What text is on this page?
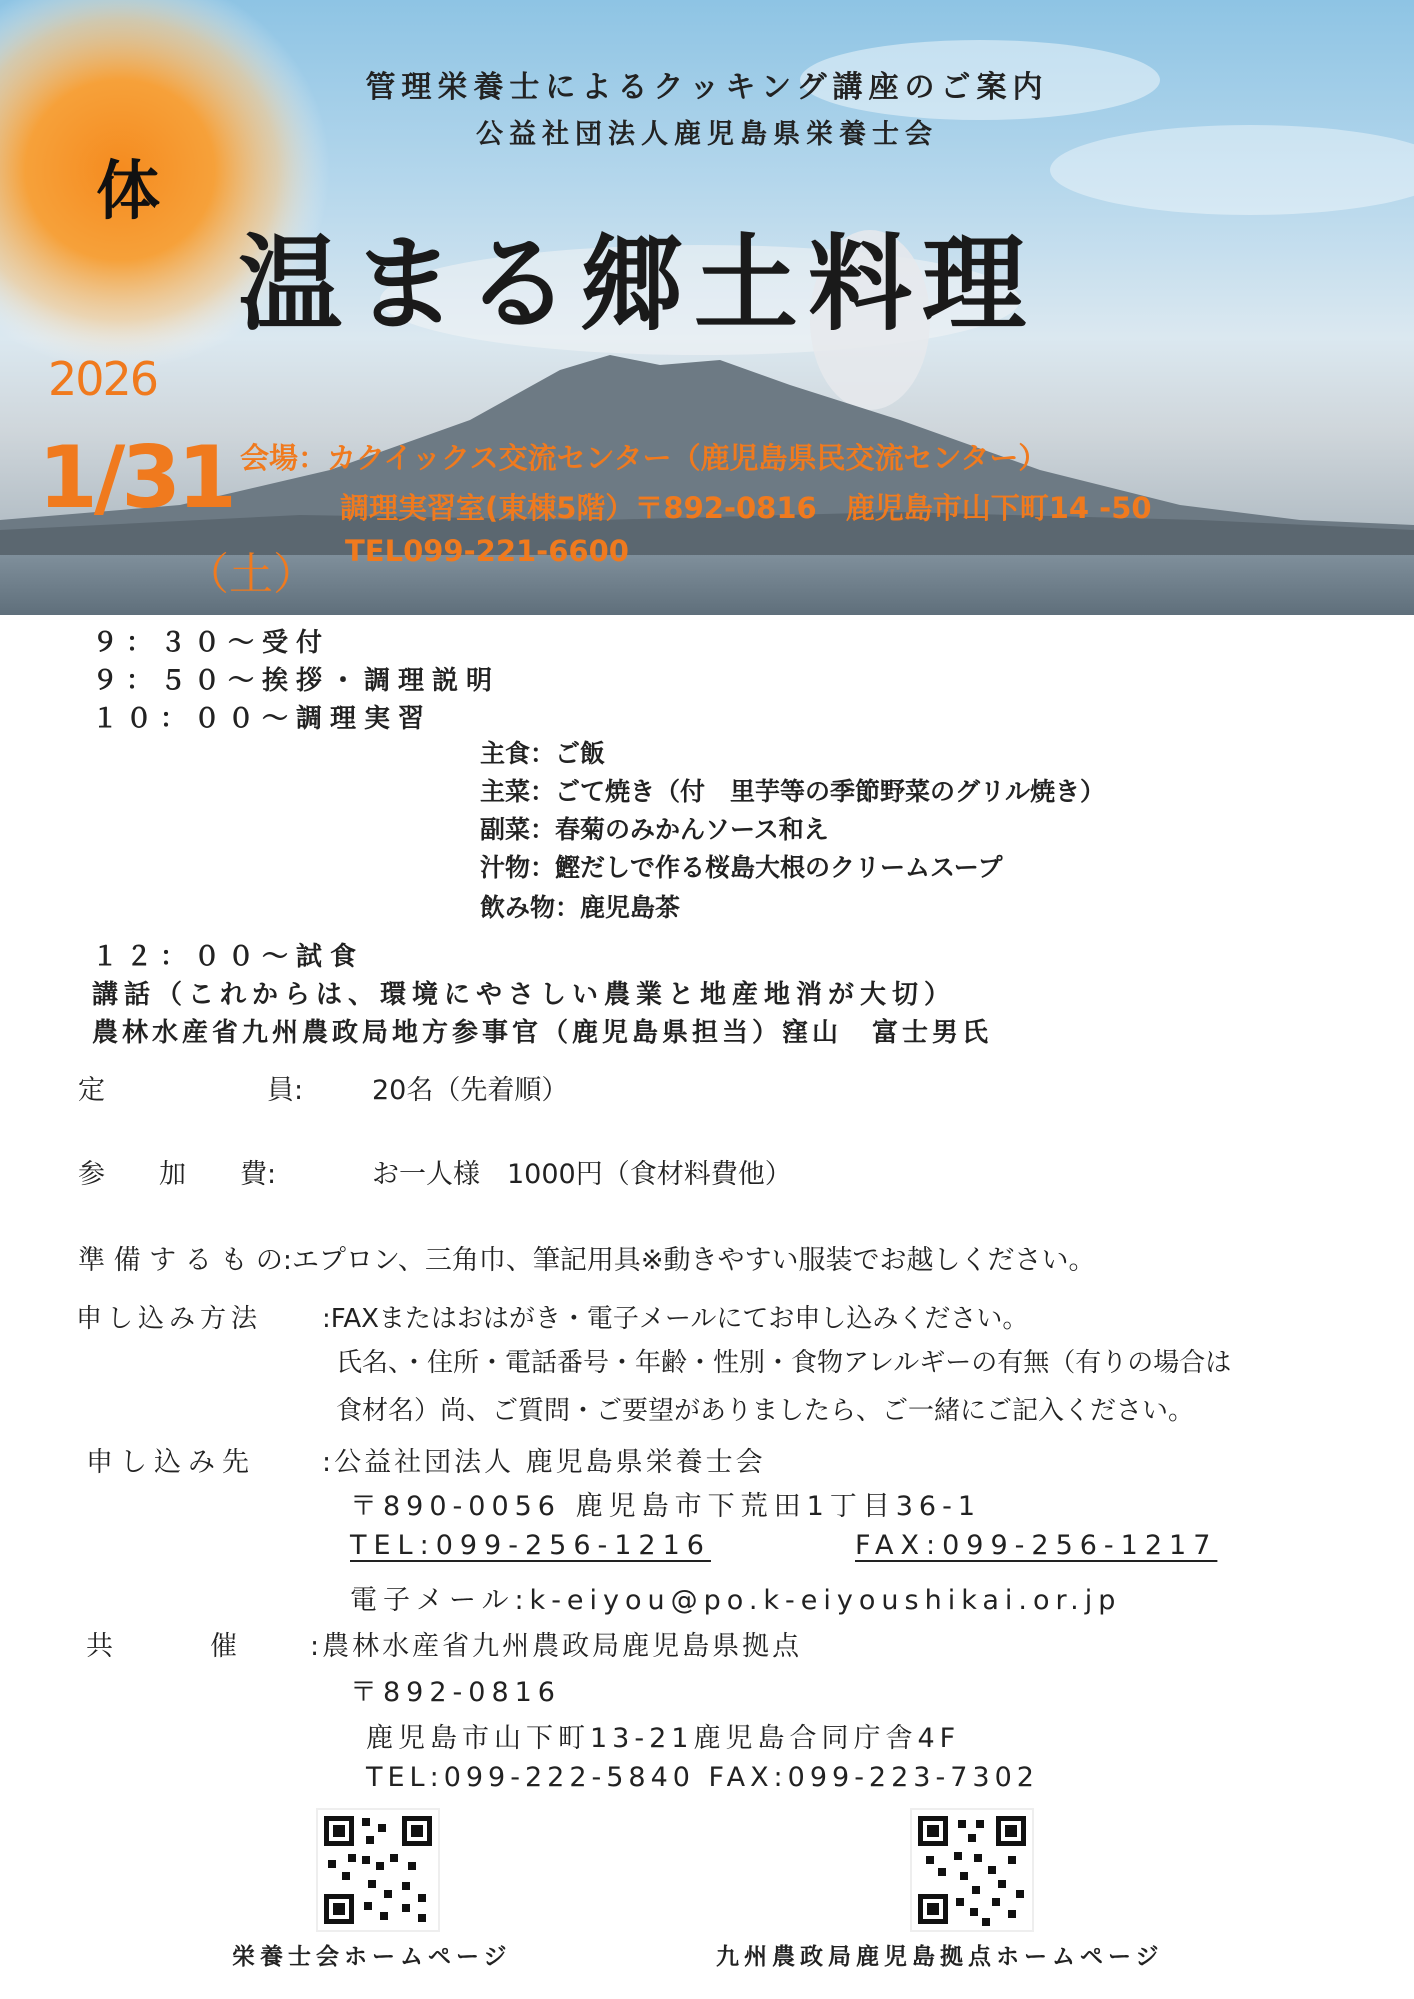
管理栄養士によるクッキング講座のご案内
公益社団法人鹿児島県栄養士会
体
温まる郷土料理
2026
1/31
（土）
会場：カクイックス交流センター（鹿児島県民交流センター）
調理実習室(東棟5階）〒892-0816　鹿児島市山下町14 -50
TEL099-221-6600
９：３０～受付
９：５０～挨拶・調理説明
１０：００～調理実習
主食：ご飯
主菜：ごて焼き（付　里芋等の季節野菜のグリル焼き）
副菜：春菊のみかんソース和え
汁物：鰹だしで作る桜島大根のクリームスープ
飲み物：鹿児島茶
１２：００～試食
講話（これからは、環境にやさしい農業と地産地消が大切）
農林水産省九州農政局地方参事官（鹿児島県担当）窪山　富士男氏
定　　　　　　員:	20名（先着順）
参　　加　　費:	お一人様　1000円（食材料費他）
準 備 す る も の:エプロン、三角巾、筆記用具※動きやすい服装でお越しください。
申し込み方法 :FAXまたはおはがき・電子メールにてお申し込みください。
氏名、・住所・電話番号・年齢・性別・食物アレルギーの有無（有りの場合は
食材名）尚、ご質問・ご要望がありましたら、ご一緒にご記入ください。
申し込み先 :公益社団法人 鹿児島県栄養士会
〒890-0056 鹿児島市下荒田1丁目36-1
TEL:099-256-1216	FAX:099-256-1217
電子メール:k-eiyou@po.k-eiyoushikai.or.jp
共　　　催	:農林水産省九州農政局鹿児島県拠点
〒892-0816
鹿児島市山下町13-21鹿児島合同庁舎4F
TEL:099-222-5840 FAX:099-223-7302
栄養士会ホームページ	九州農政局鹿児島拠点ホームページ
